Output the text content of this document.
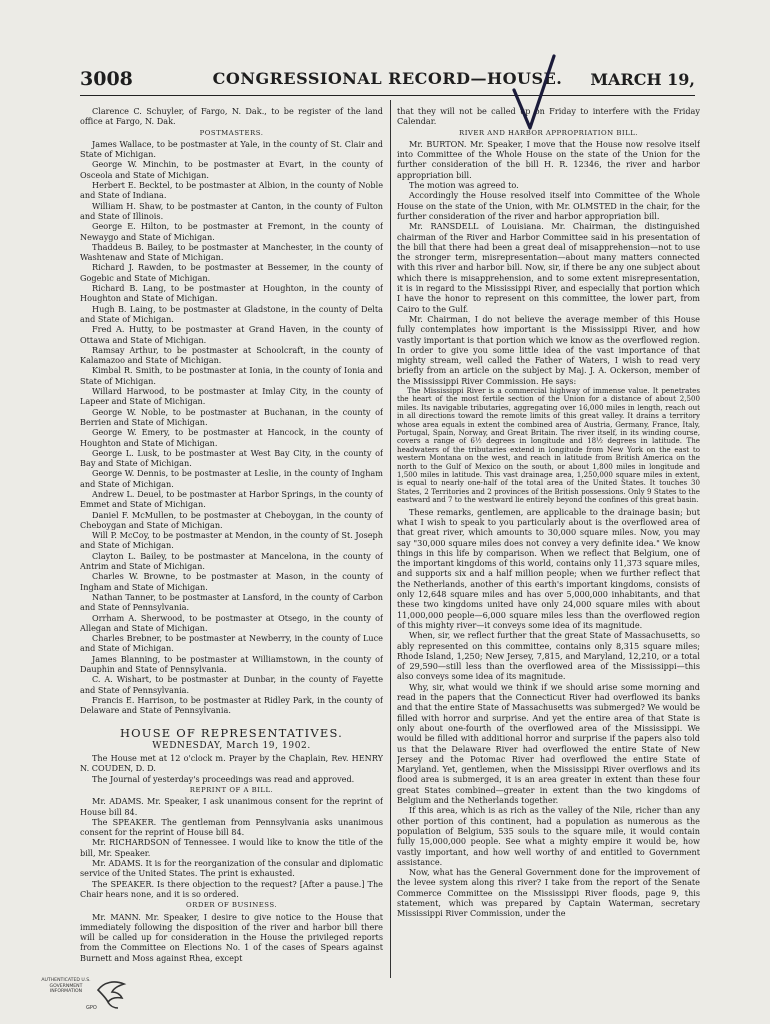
3008	CONGRESSIONAL RECORD—HOUSE.	MARCH 19,

Clarence C. Schuyler, of Fargo, N. Dak., to be register of the land office at Fargo, N. Dak.

POSTMASTERS.

James Wallace, to be postmaster at Yale, in the county of St. Clair and State of Michigan.

George W. Minchin, to be postmaster at Evart, in the county of Osceola and State of Michigan.

Herbert E. Becktel, to be postmaster at Albion, in the county of Noble and State of Indiana.

William H. Shaw, to be postmaster at Canton, in the county of Fulton and State of Illinois.

George E. Hilton, to be postmaster at Fremont, in the county of Newaygo and State of Michigan.

Thaddeus B. Bailey, to be postmaster at Manchester, in the county of Washtenaw and State of Michigan.

Richard J. Rawden, to be postmaster at Bessemer, in the county of Gogebic and State of Michigan.

Richard B. Lang, to be postmaster at Houghton, in the county of Houghton and State of Michigan.

Hugh B. Laing, to be postmaster at Gladstone, in the county of Delta and State of Michigan.

Fred A. Hutty, to be postmaster at Grand Haven, in the county of Ottawa and State of Michigan.

Ramsay Arthur, to be postmaster at Schoolcraft, in the county of Kalamazoo and State of Michigan.

Kimbal R. Smith, to be postmaster at Ionia, in the county of Ionia and State of Michigan.

Willard Harwood, to be postmaster at Imlay City, in the county of Lapeer and State of Michigan.

George W. Noble, to be postmaster at Buchanan, in the county of Berrien and State of Michigan.

George W. Emery, to be postmaster at Hancock, in the county of Houghton and State of Michigan.

George L. Lusk, to be postmaster at West Bay City, in the county of Bay and State of Michigan.

George W. Dennis, to be postmaster at Leslie, in the county of Ingham and State of Michigan.

Andrew L. Deuel, to be postmaster at Harbor Springs, in the county of Emmet and State of Michigan.

Daniel F. McMullen, to be postmaster at Cheboygan, in the county of Cheboygan and State of Michigan.

Will P. McCoy, to be postmaster at Mendon, in the county of St. Joseph and State of Michigan.

Clayton L. Bailey, to be postmaster at Mancelona, in the county of Antrim and State of Michigan.

Charles W. Browne, to be postmaster at Mason, in the county of Ingham and State of Michigan.

Nathan Tanner, to be postmaster at Lansford, in the county of Carbon and State of Pennsylvania.

Orrham A. Sherwood, to be postmaster at Otsego, in the county of Allegan and State of Michigan.

Charles Brebner, to be postmaster at Newberry, in the county of Luce and State of Michigan.

James Blanning, to be postmaster at Williamstown, in the county of Dauphin and State of Pennsylvania.

C. A. Wishart, to be postmaster at Dunbar, in the county of Fayette and State of Pennsylvania.

Francis E. Harrison, to be postmaster at Ridley Park, in the county of Delaware and State of Pennsylvania.

HOUSE OF REPRESENTATIVES.

WEDNESDAY, March 19, 1902.

The House met at 12 o'clock m. Prayer by the Chaplain, Rev. HENRY N. COUDEN, D. D.

The Journal of yesterday's proceedings was read and approved.

REPRINT OF A BILL.

Mr. ADAMS. Mr. Speaker, I ask unanimous consent for the reprint of House bill 84.

The SPEAKER. The gentleman from Pennsylvania asks unanimous consent for the reprint of House bill 84.

Mr. RICHARDSON of Tennessee. I would like to know the title of the bill, Mr. Speaker.

Mr. ADAMS. It is for the reorganization of the consular and diplomatic service of the United States. The print is exhausted.

The SPEAKER. Is there objection to the request? [After a pause.] The Chair hears none, and it is so ordered.

ORDER OF BUSINESS.

Mr. MANN. Mr. Speaker, I desire to give notice to the House that immediately following the disposition of the river and harbor bill there will be called up for consideration in the House the privileged reports from the Committee on Elections No. 1 of the cases of Spears against Burnett and Moss against Rhea, except

that they will not be called up on Friday to interfere with the Friday Calendar.

RIVER AND HARBOR APPROPRIATION BILL.

Mr. BURTON. Mr. Speaker, I move that the House now resolve itself into Committee of the Whole House on the state of the Union for the further consideration of the bill H. R. 12346, the river and harbor appropriation bill.

The motion was agreed to.

Accordingly the House resolved itself into Committee of the Whole House on the state of the Union, with Mr. OLMSTED in the chair, for the further consideration of the river and harbor appropriation bill.

Mr. RANSDELL of Louisiana. Mr. Chairman, the distinguished chairman of the River and Harbor Committee said in his presentation of the bill that there had been a great deal of misapprehension—not to use the stronger term, misrepresentation—about many matters connected with this river and harbor bill. Now, sir, if there be any one subject about which there is misapprehension, and to some extent misrepresentation, it is in regard to the Mississippi River, and especially that portion which I have the honor to represent on this committee, the lower part, from Cairo to the Gulf.

Mr. Chairman, I do not believe the average member of this House fully contemplates how important is the Mississippi River, and how vastly important is that portion which we know as the overflowed region. In order to give you some little idea of the vast importance of that mighty stream, well called the Father of Waters, I wish to read very briefly from an article on the subject by Maj. J. A. Ockerson, member of the Mississippi River Commission. He says:

The Mississippi River is a commercial highway of immense value. It penetrates the heart of the most fertile section of the Union for a distance of about 2,500 miles. Its navigable tributaries, aggregating over 16,000 miles in length, reach out in all directions toward the remote limits of this great valley. It drains a territory whose area equals in extent the combined area of Austria, Germany, France, Italy, Portugal, Spain, Norway, and Great Britain. The river itself, in its winding course, covers a range of 6½ degrees in longitude and 18½ degrees in latitude. The headwaters of the tributaries extend in longitude from New York on the east to western Montana on the west, and reach in latitude from British America on the north to the Gulf of Mexico on the south, or about 1,800 miles in longitude and 1,500 miles in latitude. This vast drainage area, 1,250,000 square miles in extent, is equal to nearly one-half of the total area of the United States. It touches 30 States, 2 Territories and 2 provinces of the British possessions. Only 9 States to the eastward and 7 to the westward lie entirely beyond the confines of this great basin.

These remarks, gentlemen, are applicable to the drainage basin; but what I wish to speak to you particularly about is the overflowed area of that great river, which amounts to 30,000 square miles. Now, you may say "30,000 square miles does not convey a very definite idea." We know things in this life by comparison. When we reflect that Belgium, one of the important kingdoms of this world, contains only 11,373 square miles, and supports six and a half million people; when we further reflect that the Netherlands, another of this earth's important kingdoms, consists of only 12,648 square miles and has over 5,000,000 inhabitants, and that these two kingdoms united have only 24,000 square miles with about 11,000,000 people—6,000 square miles less than the overflowed region of this mighty river—it conveys some idea of its magnitude.

When, sir, we reflect further that the great State of Massachusetts, so ably represented on this committee, contains only 8,315 square miles; Rhode Island, 1,250; New Jersey, 7,815, and Maryland, 12,210, or a total of 29,590—still less than the overflowed area of the Mississippi—this also conveys some idea of its magnitude.

Why, sir, what would we think if we should arise some morning and read in the papers that the Connecticut River had overflowed its banks and that the entire State of Massachusetts was submerged? We would be filled with horror and surprise. And yet the entire area of that State is only about one-fourth of the overflowed area of the Mississippi. We would be filled with additional horror and surprise if the papers also told us that the Delaware River had overflowed the entire State of New Jersey and the Potomac River had overflowed the entire State of Maryland. Yet, gentlemen, when the Mississippi River overflows and its flood area is submerged, it is an area greater in extent than these four great States combined—greater in extent than the two kingdoms of Belgium and the Netherlands together.

If this area, which is as rich as the valley of the Nile, richer than any other portion of this continent, had a population as numerous as the population of Belgium, 535 souls to the square mile, it would contain fully 15,000,000 people. See what a mighty empire it would be, how vastly important, and how well worthy of and entitled to Government assistance.

Now, what has the General Government done for the improvement of the levee system along this river? I take from the report of the Senate Commerce Committee on the Mississippi River floods, page 9, this statement, which was prepared by Captain Waterman, secretary Mississippi River Commission, under the

AUTHENTICATED U.S. GOVERNMENT INFORMATION
GPO
